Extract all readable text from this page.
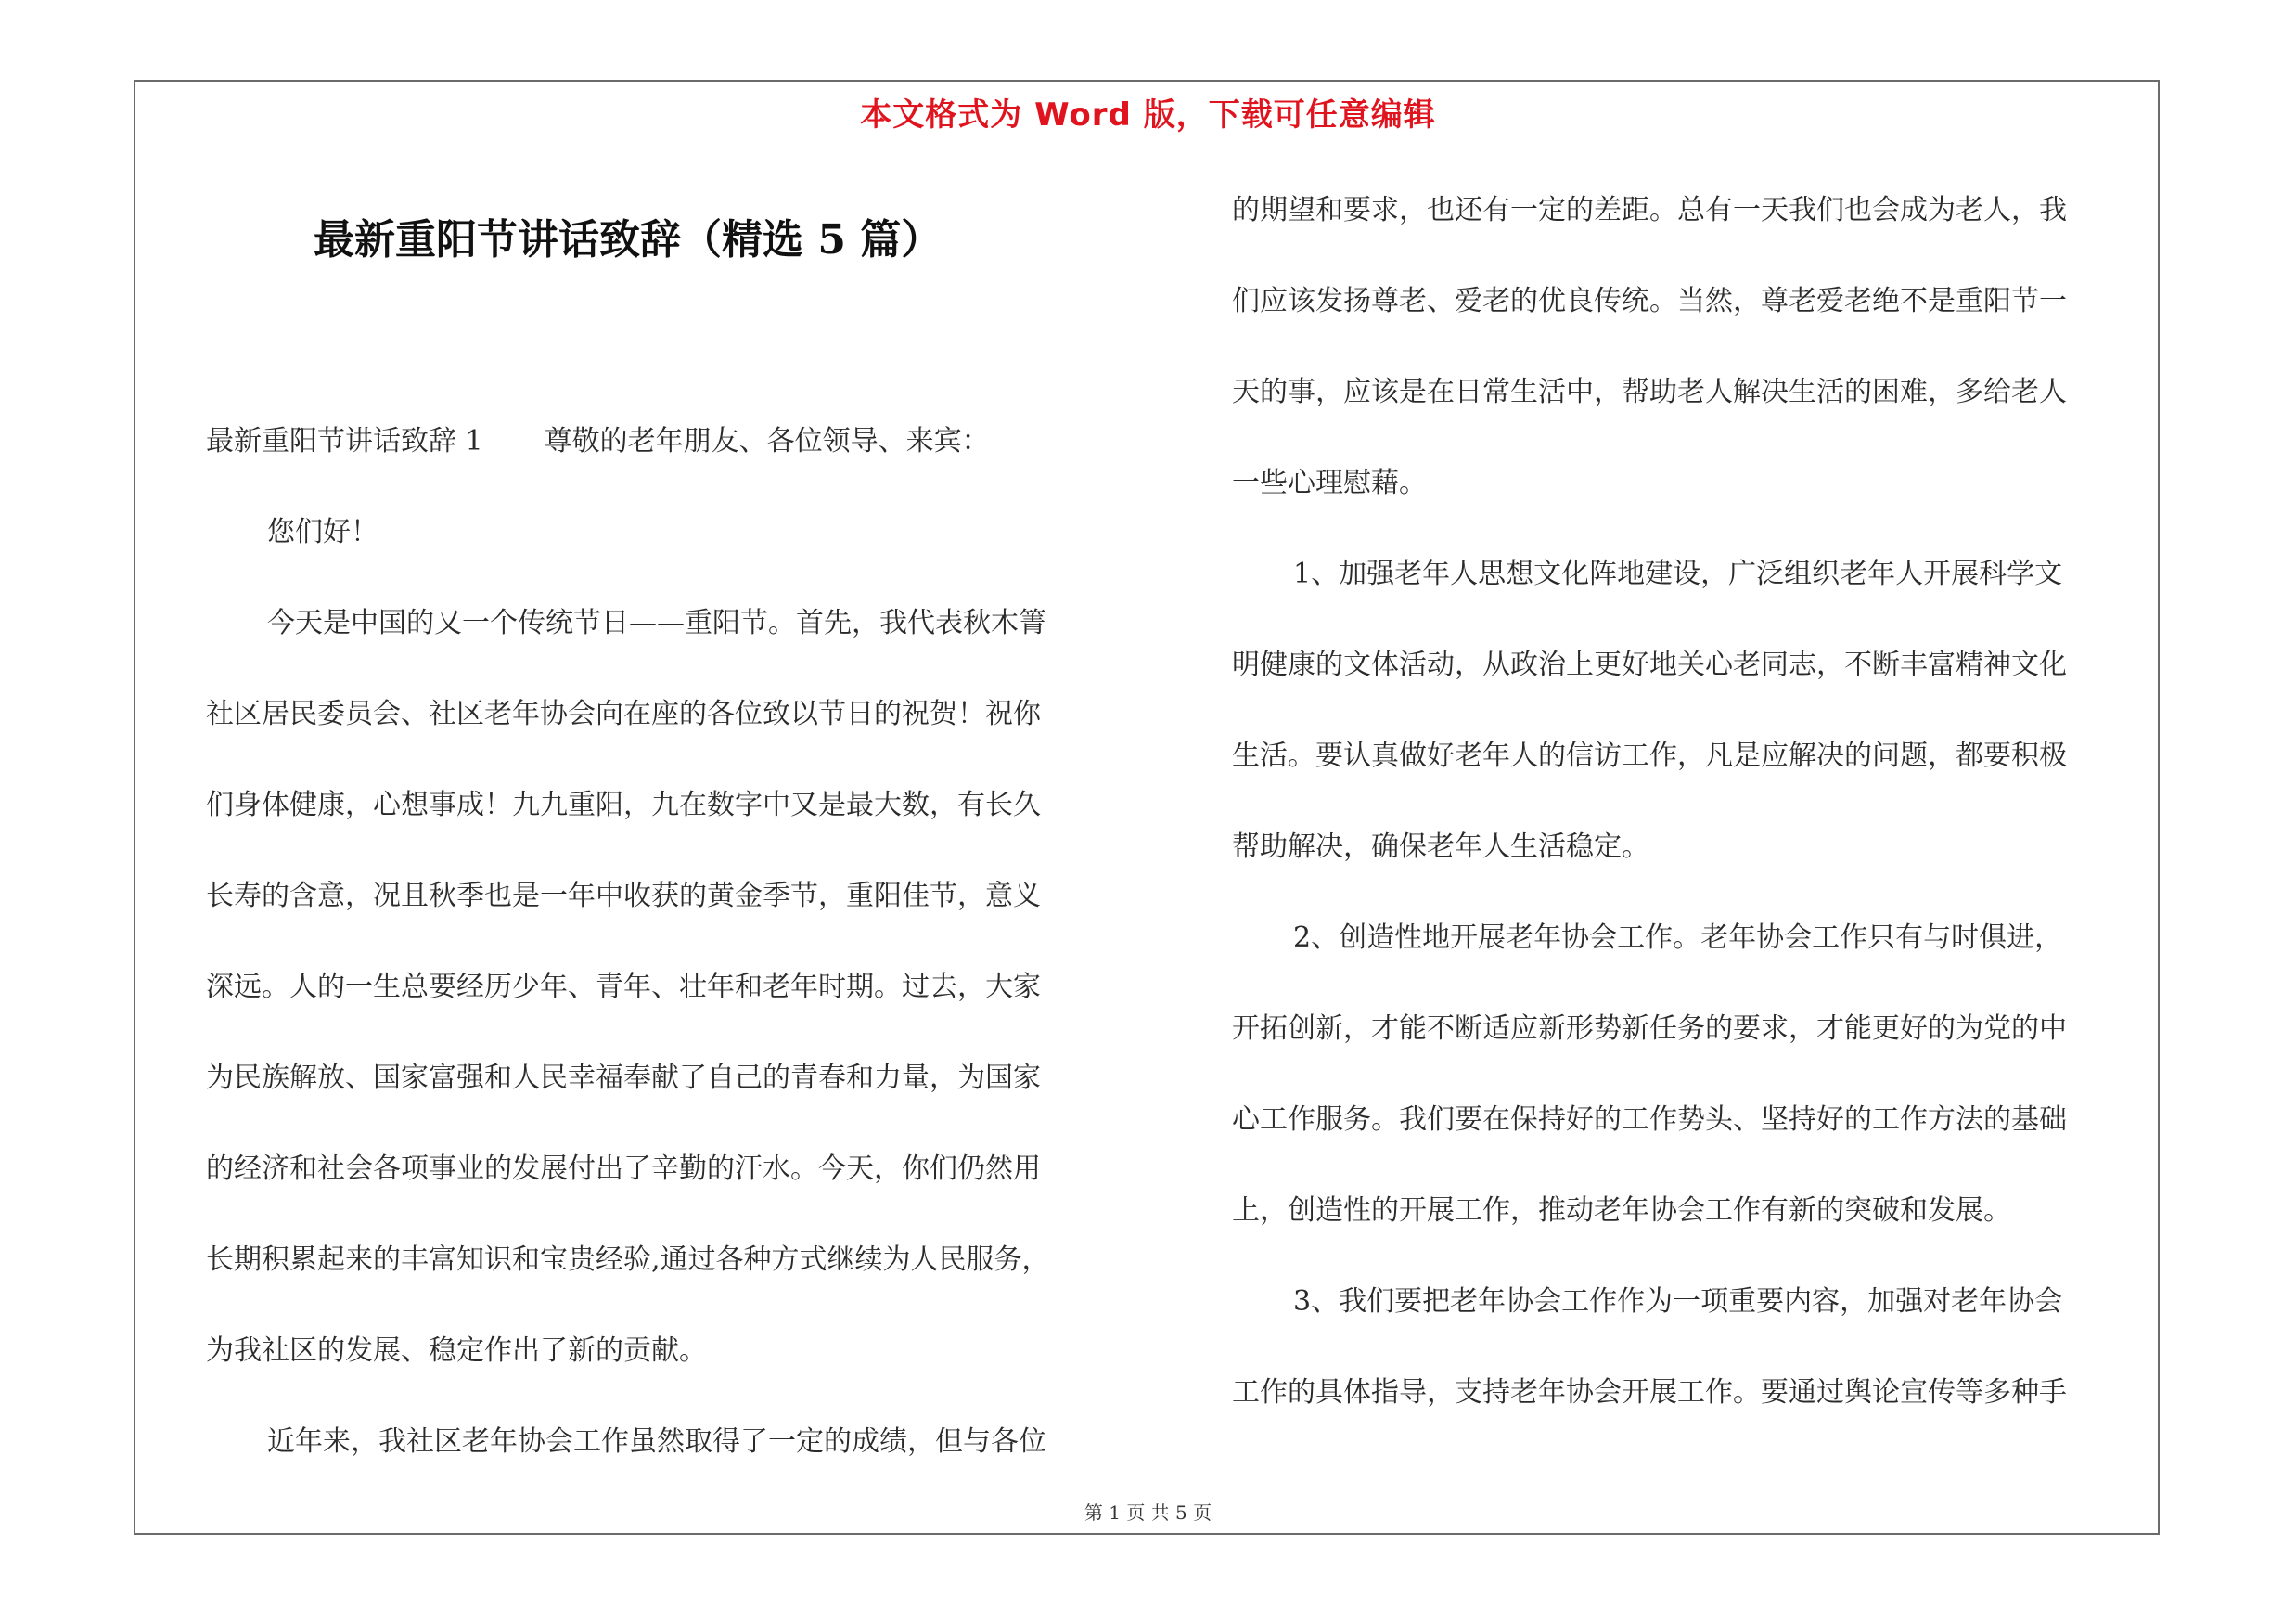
本文格式为 Word 版，下载可任意编辑
最新重阳节讲话致辞（精选 5 篇）

最新重阳节讲话致辞 1 尊敬的老年朋友、各位领导、来宾：

您们好！

今天是中国的又一个传统节日——重阳节。首先，我代表秋木箐

社区居民委员会、社区老年协会向在座的各位致以节日的祝贺！祝你

们身体健康，心想事成！九九重阳，九在数字中又是最大数，有长久

长寿的含意，况且秋季也是一年中收获的黄金季节，重阳佳节，意义

深远。人的一生总要经历少年、青年、壮年和老年时期。过去，大家

为民族解放、国家富强和人民幸福奉献了自己的青春和力量，为国家

的经济和社会各项事业的发展付出了辛勤的汗水。今天，你们仍然用

长期积累起来的丰富知识和宝贵经验,通过各种方式继续为人民服务，

为我社区的发展、稳定作出了新的贡献。

近年来，我社区老年协会工作虽然取得了一定的成绩，但与各位

的期望和要求，也还有一定的差距。总有一天我们也会成为老人，我

们应该发扬尊老、爱老的优良传统。当然，尊老爱老绝不是重阳节一

天的事，应该是在日常生活中，帮助老人解决生活的困难，多给老人

一些心理慰藉。

1、加强老年人思想文化阵地建设，广泛组织老年人开展科学文

明健康的文体活动，从政治上更好地关心老同志，不断丰富精神文化

生活。要认真做好老年人的信访工作，凡是应解决的问题，都要积极

帮助解决，确保老年人生活稳定。

2、创造性地开展老年协会工作。老年协会工作只有与时俱进，

开拓创新，才能不断适应新形势新任务的要求，才能更好的为党的中

心工作服务。我们要在保持好的工作势头、坚持好的工作方法的基础

上，创造性的开展工作，推动老年协会工作有新的突破和发展。

3、我们要把老年协会工作作为一项重要内容，加强对老年协会

工作的具体指导，支持老年协会开展工作。要通过舆论宣传等多种手

第 1 页 共 5 页
